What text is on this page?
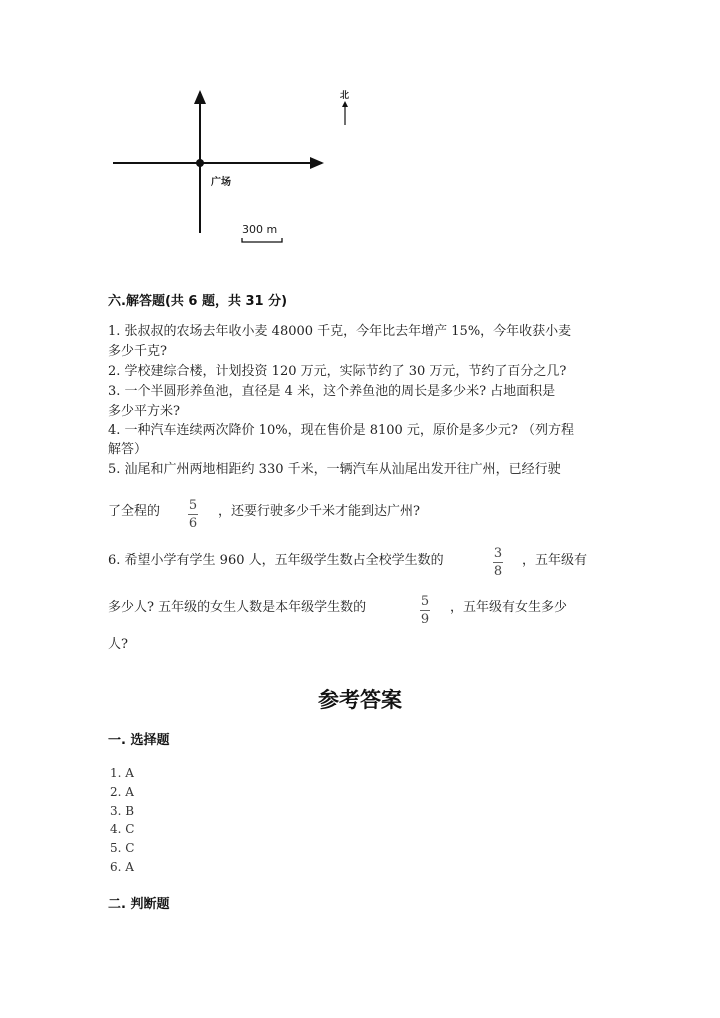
广场
北
300 m
六.解答题(共 6 题，共 31 分)
1. 张叔叔的农场去年收小麦 48000 千克，今年比去年增产 15%，今年收获小麦
多少千克?
2. 学校建综合楼，计划投资 120 万元，实际节约了 30 万元，节约了百分之几?
3. 一个半圆形养鱼池，直径是 4 米，这个养鱼池的周长是多少米? 占地面积是
多少平方米?
4. 一种汽车连续两次降价 10%，现在售价是 8100 元，原价是多少元? （列方程
解答）
5. 汕尾和广州两地相距约 330 千米，一辆汽车从汕尾出发开往广州，已经行驶
了全程的 5
6
，还要行驶多少千米才能到达广州?
6. 希望小学有学生 960 人，五年级学生数占全校学生数的	3
8
，五年级有
多少人? 五年级的女生人数是本年级学生数的	5
9
，五年级有女生多少
人?
参考答案
一. 选择题
1. A
2. A
3. B
4. C
5. C
6. A
二. 判断题
